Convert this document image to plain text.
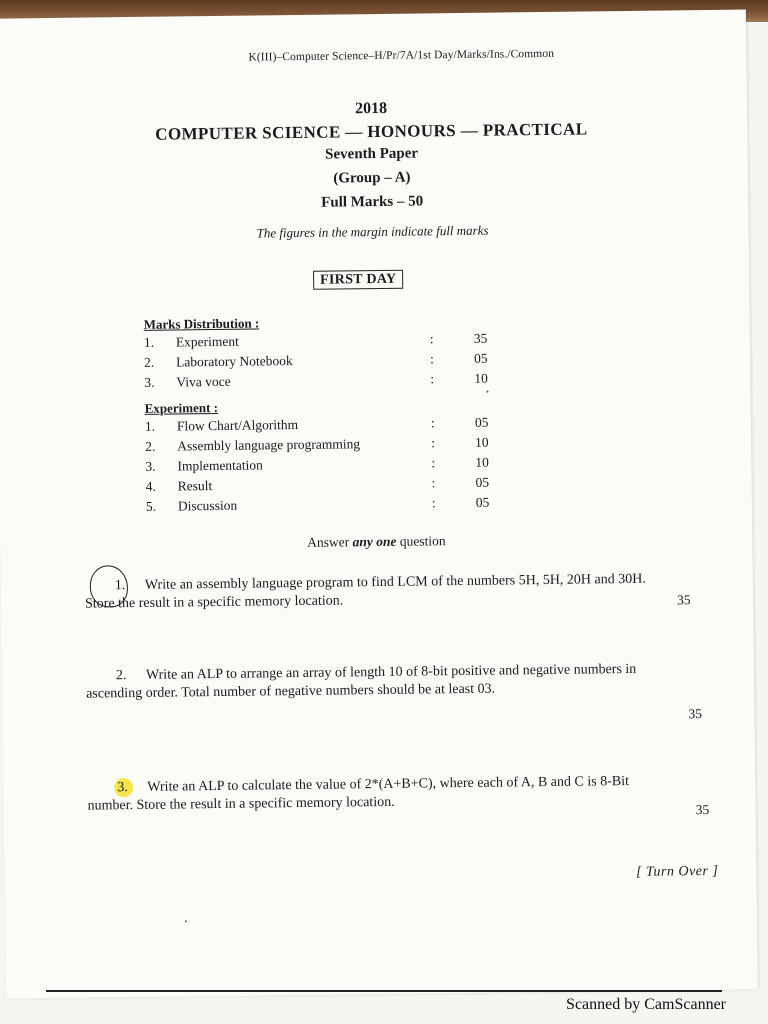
K(III)–Computer Science–H/Pr/7A/1st Day/Marks/Ins./Common
2018
COMPUTER SCIENCE — HONOURS — PRACTICAL
Seventh Paper
(Group – A)
Full Marks – 50
The figures in the margin indicate full marks
FIRST DAY
Marks Distribution :
1. Experiment	:	35
2. Laboratory Notebook	:	05
3. Viva voce	:	10
Experiment :
1. Flow Chart/Algorithm	:	05
2. Assembly language programming	:	10
3. Implementation	:	10
4. Result	:	05
5. Discussion	:	05
Answer any one question
1. Write an assembly language program to find LCM of the numbers 5H, 5H, 20H and 30H. Store the result in a specific memory location.	35
2. Write an ALP to arrange an array of length 10 of 8-bit positive and negative numbers in ascending order. Total number of negative numbers should be at least 03.
35
3. Write an ALP to calculate the value of 2*(A+B+C), where each of A, B and C is 8-Bit number. Store the result in a specific memory location.	35
[ Turn Over ]
Scanned by CamScanner
